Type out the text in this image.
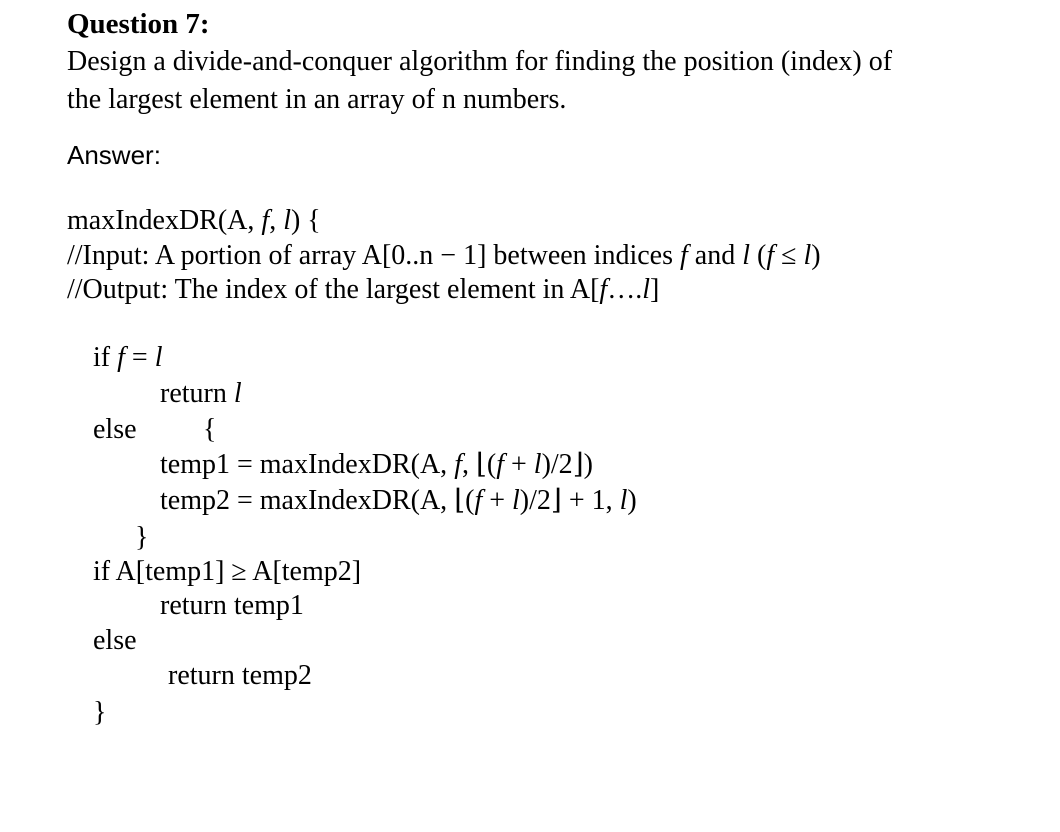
Question 7:
Design a divide-and-conquer algorithm for finding the position (index) of
the largest element in an array of n numbers.
Answer:
maxIndexDR(A, f, l) {
//Input: A portion of array A[0..n − 1] between indices f and l (f ≤ l)
//Output: The index of the largest element in A[f….l]
if f = l
return l
else {
temp1 = maxIndexDR(A, f, ⌊(f + l)/2⌋)
temp2 = maxIndexDR(A, ⌊(f + l)/2⌋ + 1, l)
}
if A[temp1] ≥ A[temp2]
return temp1
else
return temp2
}
